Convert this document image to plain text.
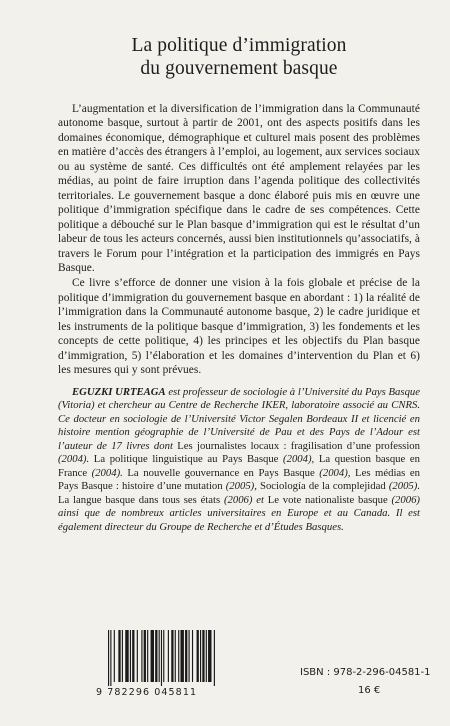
La politique d’immigration
du gouvernement basque

L’augmentation et la diversification de l’immigration dans la Communauté autonome basque, surtout à partir de 2001, ont des aspects positifs dans les domaines économique, démographique et culturel mais posent des problèmes en matière d’accès des étrangers à l’emploi, au logement, aux services sociaux ou au système de santé. Ces difficultés ont été amplement relayées par les médias, au point de faire irruption dans l’agenda politique des collectivités territoriales. Le gouvernement basque a donc élaboré puis mis en œuvre une politique d’immigration spécifique dans le cadre de ses compétences. Cette politique a débouché sur le Plan basque d’immigration qui est le résultat d’un labeur de tous les acteurs concernés, aussi bien institutionnels qu’associatifs, à travers le Forum pour l’intégration et la participation des immigrés en Pays Basque.

Ce livre s’efforce de donner une vision à la fois globale et précise de la politique d’immigration du gouvernement basque en abordant : 1) la réalité de l’immigration dans la Communauté autonome basque, 2) le cadre juridique et les instruments de la politique basque d’immigration, 3) les fondements et les concepts de cette politique, 4) les principes et les objectifs du Plan basque d’immigration, 5) l’élaboration et les domaines d’intervention du Plan et 6) les mesures qui y sont prévues.

EGUZKI URTEAGA est professeur de sociologie à l’Université du Pays Basque (Vitoria) et chercheur au Centre de Recherche IKER, laboratoire associé au CNRS. Ce docteur en sociologie de l’Université Victor Segalen Bordeaux II et licencié en histoire mention géographie de l’Université de Pau et des Pays de l’Adour est l’auteur de 17 livres dont Les journalistes locaux : fragilisation d’une profession (2004). La politique linguistique au Pays Basque (2004), La question basque en France (2004). La nouvelle gouvernance en Pays Basque (2004), Les médias en Pays Basque : histoire d’une mutation (2005), Sociología de la complejidad (2005). La langue basque dans tous ses états (2006) et Le vote nationaliste basque (2006) ainsi que de nombreux articles universitaires en Europe et au Canada. Il est également directeur du Groupe de Recherche et d’Études Basques.

9 782296 045811
ISBN : 978-2-296-04581-1
16 €
